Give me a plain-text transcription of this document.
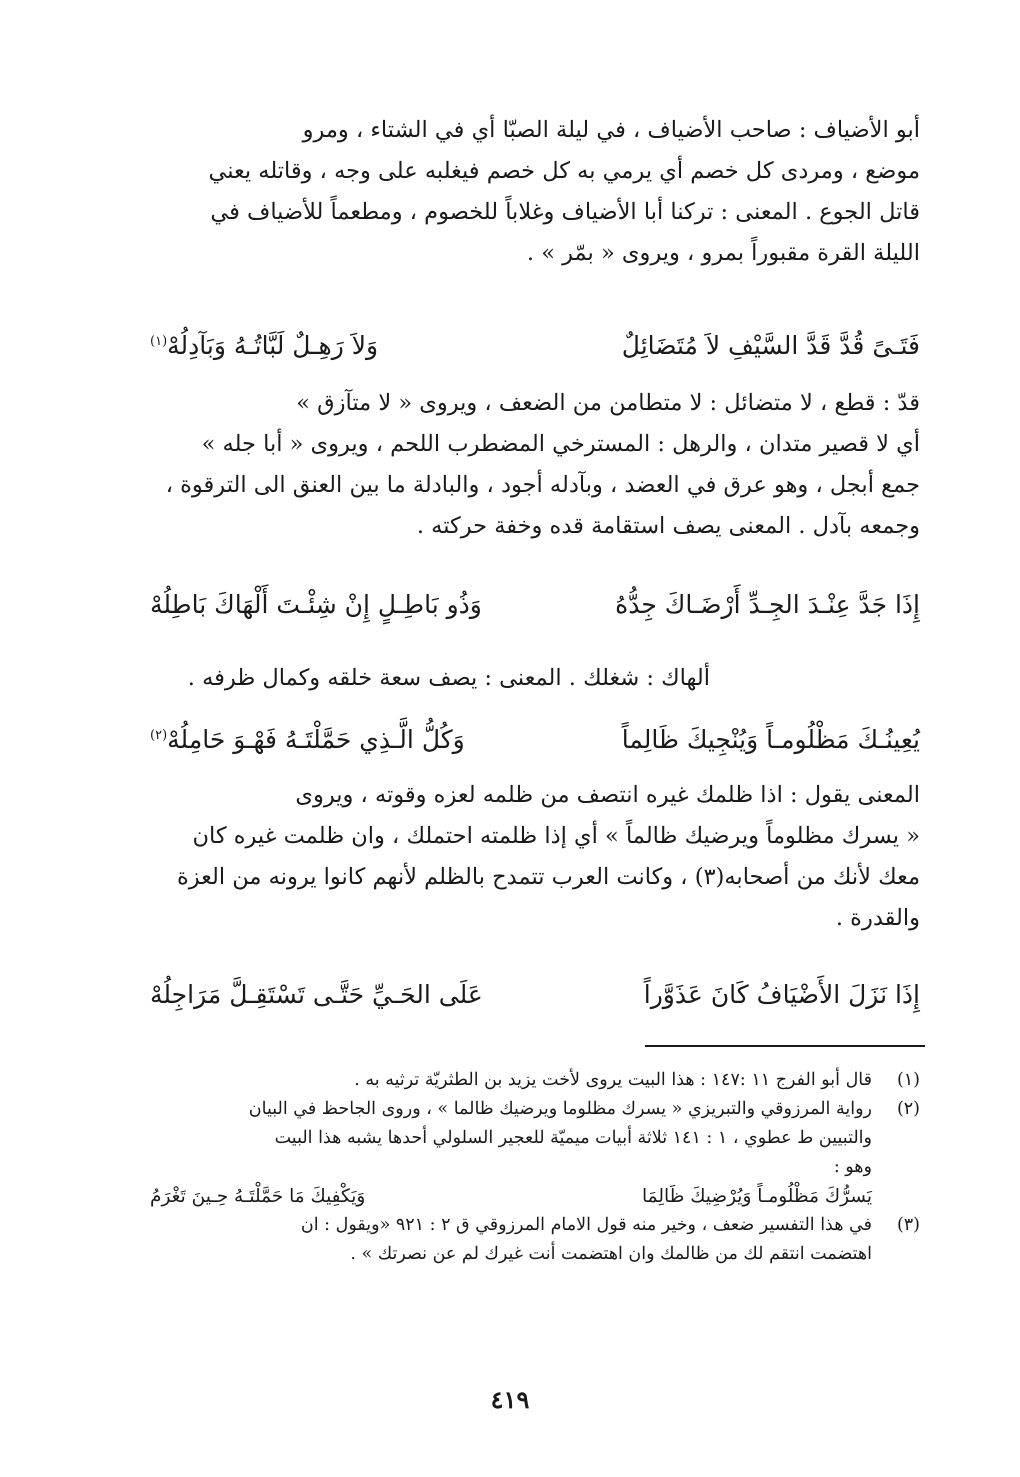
أبو الأضياف : صاحب الأضياف ، في ليلة الصبّا أي في الشتاء ، ومرو

موضع ، ومردى كل خصم أي يرمي به كل خصم فيغلبه على وجه ، وقاتله يعني

قاتل الجوع . المعنى : تركنا أبا الأضياف وغلاباً للخصوم ، ومطعماً للأضياف في

الليلة القرة مقبوراً بمرو ، ويروى « بمّر » .

فَتَـىً قُدَّ قَدَّ السَّيْفِ لاَ مُتَضَائِلٌ
وَلاَ رَهِـلٌ لَبَّاتُـهُ وَبَآدِلُهْ(١)

قدّ : قطع ، لا متضائل : لا متطامن من الضعف ، ويروى « لا متآزق »

أي لا قصير متدان ، والرهل : المسترخي المضطرب اللحم ، ويروى « أبا جله »

جمع أبجل ، وهو عرق في العضد ، وبآدله أجود ، والبادلة ما بين العنق الى الترقوة ،

وجمعه بآدل . المعنى يصف استقامة قده وخفة حركته .

إِذَا جَدَّ عِنْـدَ الجِـدِّ أَرْضَـاكَ جِدُّهُ
وَذُو بَاطِـلٍ إِنْ شِئْـتَ أَلْهَاكَ بَاطِلُهْ

ألهاك : شغلك . المعنى : يصف سعة خلقه وكمال ظرفه .

يُعِينُـكَ مَظْلُومـاً وَيُنْجِيكَ ظَالِماً
وَكُلُّ الَّـذِي حَمَّلْتَـهُ فَهْـوَ حَامِلُهْ(٢)

المعنى يقول : اذا ظلمك غيره انتصف من ظلمه لعزه وقوته ، ويروى

« يسرك مظلوماً ويرضيك ظالماً » أي إذا ظلمته احتملك ، وان ظلمت غيره كان

معك لأنك من أصحابه(٣) ، وكانت العرب تتمدح بالظلم لأنهم كانوا يرونه من العزة

والقدرة .

إِذَا نَزَلَ الأَضْيَافُ كَانَ عَذَوَّراً
عَلَى الحَـيِّ حَتَّـى تَسْتَقِـلَّ مَرَاجِلُهْ
(١)
قال أبو الفرج ١١ :١٤٧ : هذا البيت يروى لأخت يزيد بن الطثريّة ترثيه به .
(٢)
رواية المرزوقي والتبريزي « يسرك مظلوما ويرضيك ظالما » ، وروى الجاحظ في البيان
والتبيين ط عطوي ، ١ : ١٤١ ثلاثة أبيات ميميّة للعجير السلولي أحدها يشبه هذا البيت
وهو :
يَسرُّكَ مَظْلُومـاً وَيُرْضِيكَ ظَالِمَا
وَيَكْفِيكَ مَا حَمَّلْتَـهُ حِـينَ تَغْرَمُ
(٣)
في هذا التفسير ضعف ، وخير منه قول الامام المرزوقي ق ٢ : ٩٢١ «ويقول : ان
اهتضمت انتقم لك من ظالمك وان اهتضمت أنت غيرك لم عن نصرتك » .
٤١٩
